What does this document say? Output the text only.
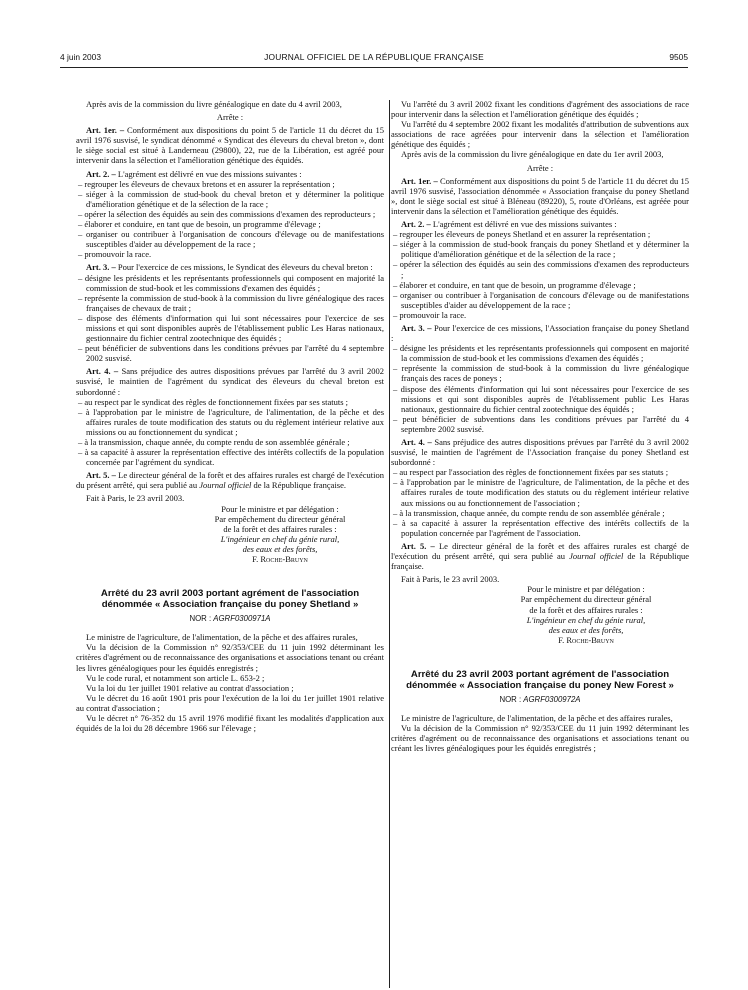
4 juin 2003	JOURNAL OFFICIEL DE LA RÉPUBLIQUE FRANÇAISE	9505

Après avis de la commission du livre généalogique en date du 4 avril 2003,

Arrête :

Art. 1er. – Conformément aux dispositions du point 5 de l'article 11 du décret du 15 avril 1976 susvisé, le syndicat dénommé « Syndicat des éleveurs du cheval breton », dont le siège social est situé à Landerneau (29800), 22, rue de la Libération, est agréé pour intervenir dans la sélection et l'amélioration génétique des équidés.

Art. 2. – L'agrément est délivré en vue des missions suivantes :

– regrouper les éleveurs de chevaux bretons et en assurer la représentation ;
– siéger à la commission de stud-book du cheval breton et y déterminer la politique d'amélioration génétique et de la sélection de la race ;
– opérer la sélection des équidés au sein des commissions d'examen des reproducteurs ;
– élaborer et conduire, en tant que de besoin, un programme d'élevage ;
– organiser ou contribuer à l'organisation de concours d'élevage ou de manifestations susceptibles d'aider au développement de la race ;
– promouvoir la race.

Art. 3. – Pour l'exercice de ces missions, le Syndicat des éleveurs du cheval breton :

– désigne les présidents et les représentants professionnels qui composent en majorité la commission de stud-book et les commissions d'examen des équidés ;
– représente la commission de stud-book à la commission du livre généalogique des races françaises de chevaux de trait ;
– dispose des éléments d'information qui lui sont nécessaires pour l'exercice de ses missions et qui sont disponibles auprès de l'établissement public Les Haras nationaux, gestionnaire du fichier central zootechnique des équidés ;
– peut bénéficier de subventions dans les conditions prévues par l'arrêté du 4 septembre 2002 susvisé.

Art. 4. – Sans préjudice des autres dispositions prévues par l'arrêté du 3 avril 2002 susvisé, le maintien de l'agrément du syndicat des éleveurs du cheval breton est subordonné :

– au respect par le syndicat des règles de fonctionnement fixées par ses statuts ;
– à l'approbation par le ministre de l'agriculture, de l'alimentation, de la pêche et des affaires rurales de toute modification des statuts ou du règlement intérieur relative aux missions ou au fonctionnement du syndicat ;
– à la transmission, chaque année, du compte rendu de son assemblée générale ;
– à sa capacité à assurer la représentation effective des intérêts collectifs de la population concernée par l'agrément du syndicat.

Art. 5. – Le directeur général de la forêt et des affaires rurales est chargé de l'exécution du présent arrêté, qui sera publié au Journal officiel de la République française.

Fait à Paris, le 23 avril 2003.

Pour le ministre et par délégation :
Par empêchement du directeur général
de la forêt et des affaires rurales :
L'ingénieur en chef du génie rural,
des eaux et des forêts,
F. Roche-Bruyn

Arrêté du 23 avril 2003 portant agrément de l'association dénommée « Association française du poney Shetland »

NOR : AGRF0300971A

Le ministre de l'agriculture, de l'alimentation, de la pêche et des affaires rurales,

Vu la décision de la Commission n° 92/353/CEE du 11 juin 1992 déterminant les critères d'agrément ou de reconnaissance des organisations et associations tenant ou créant les livres généalogiques pour les équidés enregistrés ;

Vu le code rural, et notamment son article L. 653-2 ;

Vu la loi du 1er juillet 1901 relative au contrat d'association ;

Vu le décret du 16 août 1901 pris pour l'exécution de la loi du 1er juillet 1901 relative au contrat d'association ;

Vu le décret n° 76-352 du 15 avril 1976 modifié fixant les modalités d'application aux équidés de la loi du 28 décembre 1966 sur l'élevage ;

Vu l'arrêté du 3 avril 2002 fixant les conditions d'agrément des associations de race pour intervenir dans la sélection et l'amélioration génétique des équidés ;

Vu l'arrêté du 4 septembre 2002 fixant les modalités d'attribution de subventions aux associations de race agréées pour intervenir dans la sélection et l'amélioration génétique des équidés ;

Après avis de la commission du livre généalogique en date du 1er avril 2003,

Arrête :

Art. 1er. – Conformément aux dispositions du point 5 de l'article 11 du décret du 15 avril 1976 susvisé, l'association dénommée « Association française du poney Shetland », dont le siège social est situé à Bléneau (89220), 5, route d'Orléans, est agréée pour intervenir dans la sélection et l'amélioration génétique des équidés.

Art. 2. – L'agrément est délivré en vue des missions suivantes :

– regrouper les éleveurs de poneys Shetland et en assurer la représentation ;
– siéger à la commission de stud-book français du poney Shetland et y déterminer la politique d'amélioration génétique et de la sélection de la race ;
– opérer la sélection des équidés au sein des commissions d'examen des reproducteurs ;
– élaborer et conduire, en tant que de besoin, un programme d'élevage ;
– organiser ou contribuer à l'organisation de concours d'élevage ou de manifestations susceptibles d'aider au développement de la race ;
– promouvoir la race.

Art. 3. – Pour l'exercice de ces missions, l'Association française du poney Shetland :

– désigne les présidents et les représentants professionnels qui composent en majorité la commission de stud-book et les commissions d'examen des équidés ;
– représente la commission de stud-book à la commission du livre généalogique français des races de poneys ;
– dispose des éléments d'information qui lui sont nécessaires pour l'exercice de ses missions et qui sont disponibles auprès de l'établissement public Les Haras nationaux, gestionnaire du fichier central zootechnique des équidés ;
– peut bénéficier de subventions dans les conditions prévues par l'arrêté du 4 septembre 2002 susvisé.

Art. 4. – Sans préjudice des autres dispositions prévues par l'arrêté du 3 avril 2002 susvisé, le maintien de l'agrément de l'Association française du poney Shetland est subordonné :

– au respect par l'association des règles de fonctionnement fixées par ses statuts ;
– à l'approbation par le ministre de l'agriculture, de l'alimentation, de la pêche et des affaires rurales de toute modification des statuts ou du règlement intérieur relative aux missions ou au fonctionnement de l'association ;
– à la transmission, chaque année, du compte rendu de son assemblée générale ;
– à sa capacité à assurer la représentation effective des intérêts collectifs de la population concernée par l'agrément de l'association.

Art. 5. – Le directeur général de la forêt et des affaires rurales est chargé de l'exécution du présent arrêté, qui sera publié au Journal officiel de la République française.

Fait à Paris, le 23 avril 2003.

Pour le ministre et par délégation :
Par empêchement du directeur général
de la forêt et des affaires rurales :
L'ingénieur en chef du génie rural,
des eaux et des forêts,
F. Roche-Bruyn

Arrêté du 23 avril 2003 portant agrément de l'association dénommée « Association française du poney New Forest »

NOR : AGRF0300972A

Le ministre de l'agriculture, de l'alimentation, de la pêche et des affaires rurales,

Vu la décision de la Commission n° 92/353/CEE du 11 juin 1992 déterminant les critères d'agrément ou de reconnaissance des organisations et associations tenant ou créant les livres généalogiques pour les équidés enregistrés ;
